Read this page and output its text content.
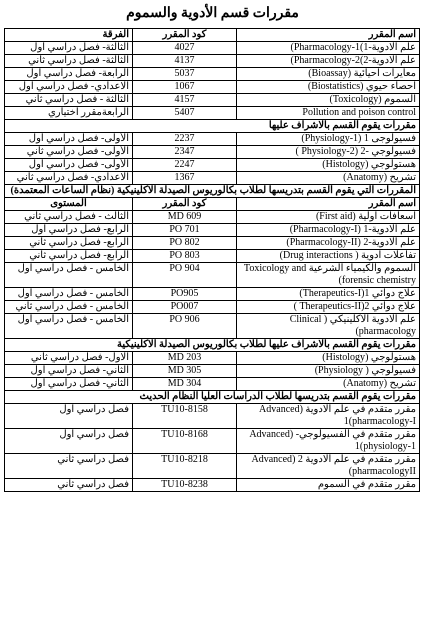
مقررات قسم الأدوية والسموم
اسم المقرر	كود المقرر	الفرقة
علم الادوية-1)1-Pharmacology)	4027	الثالثة- فصل دراسي أول
علم الادوية-2)2-Pharmacology)	4137	الثالثة- فصل دراسي ثاني
معايرات احيائية (Bioassay)	5037	الرابعة- فصل دراسي أول
احصاء حيوي (Biostatistics)	1067	الاعدادي- فصل دراسي أول
السموم (Toxicology)	4157	الثالثة - فصل دراسي ثاني
Pollution and poison control	5407	الرابعةمقرر اختياري
مقررات يقوم القسم بالاشراف عليها		
فسيولوجى 1 (Physiology-1)	2237	الأولى- فصل دراسي أول
فسيولوجي -2 (Physiology-2 )	2347	الأولى- فصل دراسي ثاني
هستولوجي (Histology)	2247	الأولى- فصل دراسي أول
تشريح (Anatomy)	1367	الاعدادي- فصل دراسي ثاني
المقررات التي يقوم القسم بتدريسها لطلاب بكالوريوس الصيدلة الاكلينيكية (نظام الساعات المعتمدة)		
اسم المقرر	كود المقرر	المستوى
اسعافات اولية (First aid)	MD 609	الثالث - فصل دراسي ثاني
علم الادوية-1 (Pharmacology-I)	PO 701	الرابع- فصل دراسي أول
علم الادوية-2 (Pharmacology-II)	PO 802	الرابع- فصل دراسي ثاني
تفاعلات ادوية ( Drug interactions)	PO 803	الرابع- فصل دراسي ثاني
السموم والكيمياء الشرعية Toxicology and forensic chemistry)	PO 904	الخامس - فصل دراسي أول
علاج دوائي 1(Therapeutics-I)	PO905	الخامس - فصل دراسي أول
علاج دوائي 2(Therapeutics-II )	PO007	الخامس - فصل دراسي ثاني
علم الادوية الاكلينيكي ( Clinical pharmacology)	PO 906	الخامس - فصل دراسي أول
مقررات يقوم القسم بالاشراف عليها لطلاب بكالوريوس الصيدلة الاكلينيكية		
هستولوجي (Histology)	MD 203	الاول- فصل دراسي ثاني
فسيولوجي ( Physiology)	MD 305	الثاني- فصل دراسي أول
تشريح (Anatomy)	MD 304	الثاني- فصل دراسي أول
مقررات يقوم القسم بتدريسها لطلاب الدراسات العليا النظام الحديث		
مقرر متقدم في علم الادوية (Advanced pharmacology-I)1	TU10-8158	فصل دراسي اول
مقرر متقدم في الفسيولوجي- (Advanced physiology-1)1	TU10-8168	فصل دراسي أول
مقرر متقدم في علم الادوية 2 (Advanced pharmacologyII)	TU10-8218	فصل دراسي ثاني
مقرر متقدم في السموم	TU10-8238	فصل دراسي ثاني
